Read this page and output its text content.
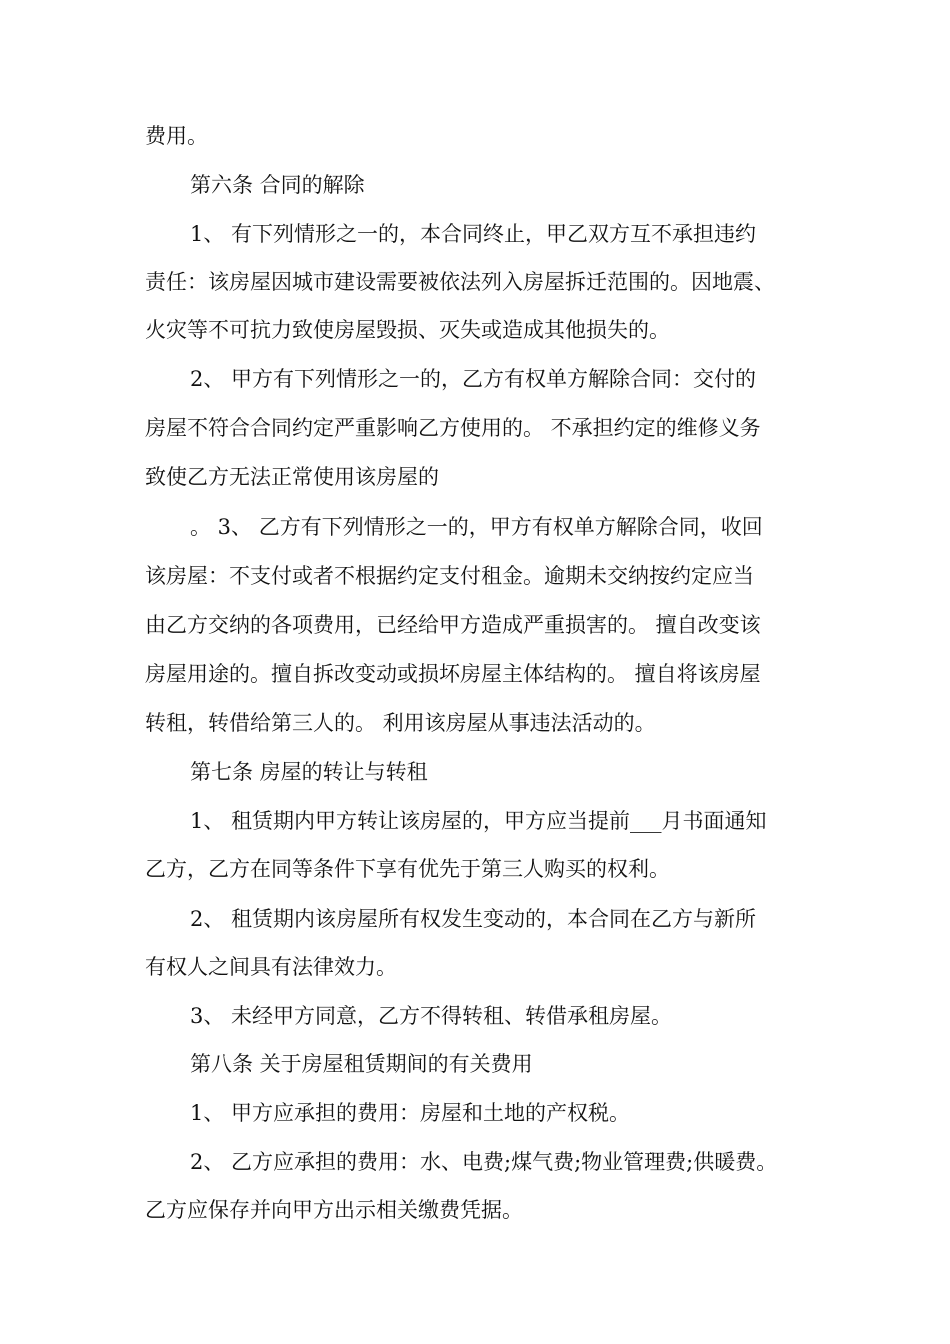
费用。
第六条 合同的解除
1、 有下列情形之一的，本合同终止，甲乙双方互不承担违约
责任：该房屋因城市建设需要被依法列入房屋拆迁范围的。因地震、
火灾等不可抗力致使房屋毁损、灭失或造成其他损失的。
2、 甲方有下列情形之一的，乙方有权单方解除合同：交付的
房屋不符合合同约定严重影响乙方使用的。 不承担约定的维修义务
致使乙方无法正常使用该房屋的
。 3、 乙方有下列情形之一的，甲方有权单方解除合同，收回
该房屋：不支付或者不根据约定支付租金。逾期未交纳按约定应当
由乙方交纳的各项费用，已经给甲方造成严重损害的。 擅自改变该
房屋用途的。擅自拆改变动或损坏房屋主体结构的。 擅自将该房屋
转租，转借给第三人的。 利用该房屋从事违法活动的。
第七条 房屋的转让与转租
1、 租赁期内甲方转让该房屋的，甲方应当提前___月书面通知
乙方，乙方在同等条件下享有优先于第三人购买的权利。
2、 租赁期内该房屋所有权发生变动的，本合同在乙方与新所
有权人之间具有法律效力。
3、 未经甲方同意，乙方不得转租、转借承租房屋。
第八条 关于房屋租赁期间的有关费用
1、 甲方应承担的费用：房屋和土地的产权税。
2、 乙方应承担的费用：水、电费;煤气费;物业管理费;供暖费。
乙方应保存并向甲方出示相关缴费凭据。
